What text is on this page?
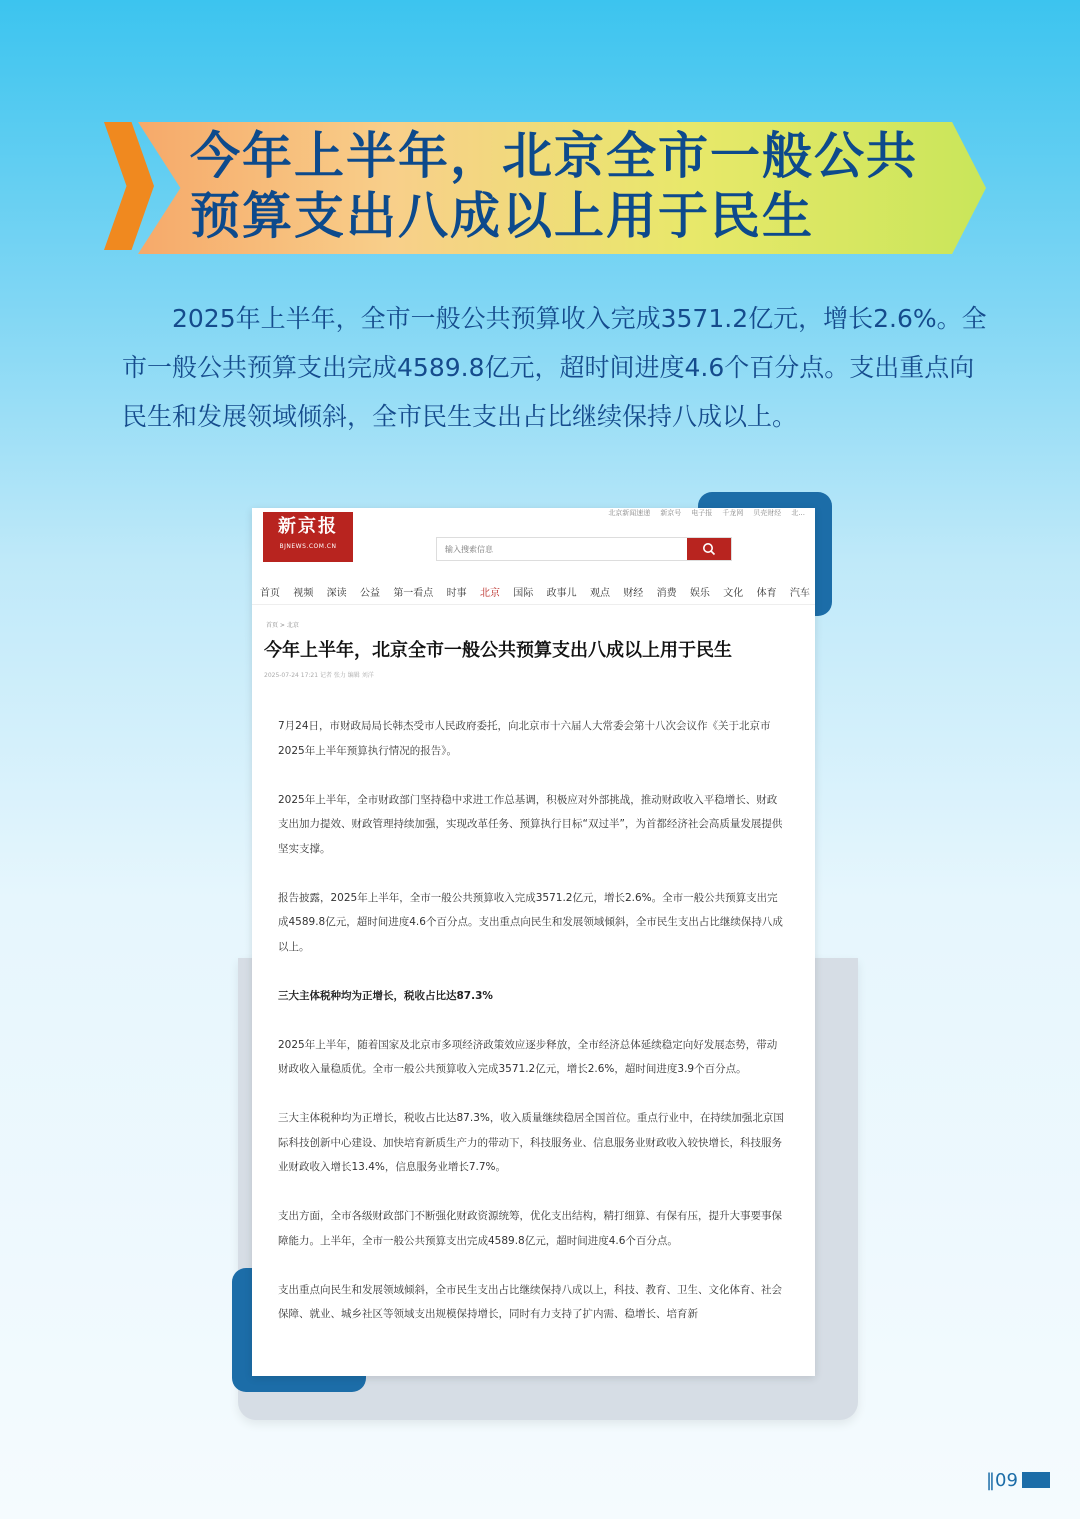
今年上半年，北京全市一般公共
预算支出八成以上用于民生

2025年上半年，全市一般公共预算收入完成3571.2亿元，增长2.6%。全市一般公共预算支出完成4589.8亿元，超时间进度4.6个百分点。支出重点向民生和发展领域倾斜，全市民生支出占比继续保持八成以上。

北京新闻速递 新京号 电子报 千龙网 贝壳财经 北...
新京报
BJNEWS.COM.CN
输入搜索信息
首页 视频 深读 公益 第一看点 时事 北京 国际 政事儿 观点 财经 消费 娱乐 文化 体育 汽车
首页 > 北京
今年上半年，北京全市一般公共预算支出八成以上用于民生
2025-07-24 17:21 记者 张力 编辑 刘洋

7月24日，市财政局局长韩杰受市人民政府委托，向北京市十六届人大常委会第十八次会议作《关于北京市2025年上半年预算执行情况的报告》。

2025年上半年，全市财政部门坚持稳中求进工作总基调，积极应对外部挑战，推动财政收入平稳增长、财政支出加力提效、财政管理持续加强，实现改革任务、预算执行目标“双过半”，为首都经济社会高质量发展提供坚实支撑。

报告披露，2025年上半年，全市一般公共预算收入完成3571.2亿元，增长2.6%。全市一般公共预算支出完成4589.8亿元，超时间进度4.6个百分点。支出重点向民生和发展领域倾斜，全市民生支出占比继续保持八成以上。

三大主体税种均为正增长，税收占比达87.3%

2025年上半年，随着国家及北京市多项经济政策效应逐步释放，全市经济总体延续稳定向好发展态势，带动财政收入量稳质优。全市一般公共预算收入完成3571.2亿元，增长2.6%，超时间进度3.9个百分点。

三大主体税种均为正增长，税收占比达87.3%，收入质量继续稳居全国首位。重点行业中，在持续加强北京国际科技创新中心建设、加快培育新质生产力的带动下，科技服务业、信息服务业财政收入较快增长，科技服务业财政收入增长13.4%，信息服务业增长7.7%。

支出方面，全市各级财政部门不断强化财政资源统筹，优化支出结构，精打细算、有保有压，提升大事要事保障能力。上半年，全市一般公共预算支出完成4589.8亿元，超时间进度4.6个百分点。

支出重点向民生和发展领域倾斜，全市民生支出占比继续保持八成以上，科技、教育、卫生、文化体育、社会保障、就业、城乡社区等领域支出规模保持增长，同时有力支持了扩内需、稳增长、培育新

‖09
